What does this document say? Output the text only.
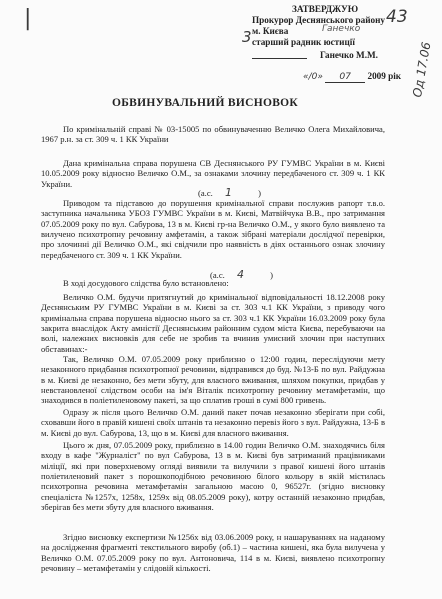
|	43
3
Од 17.06
ЗАТВЕРДЖУЮ
Прокурор Деснянського району
м. Києва
старший радник юстиції
Ганечко
Ганечко М.М.
«/0» 07 2009 рік
ОБВИНУВАЛЬНИЙ ВИСНОВОК
По кримінальній справі № 03-15005 по обвинуваченню Величко Олега Михайловича, 1967 р.н. за ст. 309 ч. 1 КК України
Дана кримінальна справа порушена СВ Деснянського РУ ГУМВС України в м. Києві 10.05.2009 року відносно Величко О.М., за ознаками злочину передбаченого ст. 309 ч. 1 КК України.
(а.с. 1	)
Приводом та підставою до порушення кримінальної справи послужив рапорт т.в.о. заступника начальника УБОЗ ГУМВС України в м. Києві, Матвійчука В.В., про затримання 07.05.2009 року по вул. Сабурова, 13 в м. Києві гр-на Величко О.М., у якого було виявлено та вилучено психотропну речовину амфетамін, а також зібрані матеріали дослідчої перевірки, про злочинні дії Величко О.М., які свідчили про наявність в діях останнього ознак злочину передбаченого ст. 309 ч. 1 КК України.
(а.с. 4	)
В ході досудового слідства було встановлено:
Величко О.М. будучи притягнутий до кримінальної відповідальності 18.12.2008 року Деснянським РУ ГУМВС України в м. Києві за ст. 303 ч.1 КК України, з приводу чого кримінальна справа порушена відносно нього за ст. 303 ч.1 КК України 16.03.2009 року була закрита внаслідок Акту амністії Деснянським районним судом міста Києва, перебуваючи на волі, належних висновків для себе не зробив та вчинив умисний злочин при наступних обставинах:-
Так, Величко О.М. 07.05.2009 року приблизно о 12:00 годин, переслідуючи мету незаконного придбання психотропної речовини, відправився до буд. №13-Б по вул. Райдужна в м. Києві де незаконно, без мети збуту, для власного вживання, шляхом покупки, придбав у невстановленої слідством особи на ім'я Віталік психотропну речовину метамфетамін, що знаходився в поліетиленовому пакеті, за що сплатив гроші в сумі 800 гривень.
Одразу ж після цього Величко О.М. даний пакет почав незаконно зберігати при собі, сховавши його в правій кишені своїх штанів та незаконно перевіз його з вул. Райдужна, 13-Б в м. Києві до вул. Сабурова, 13, що в м. Києві для власного вживання.
Цього ж дня, 07.05.2009 року, приблизно в 14.00 годин Величко О.М. знаходячись біля входу в кафе "Журналіст" по вул Сабурова, 13 в м. Києві був затриманий працівниками міліції, які при поверхневому огляді виявили та вилучили з правої кишені його штанів поліетиленовий пакет з порошкоподібною речовиною білого кольору в якій містилась психотропна речовина метамфетамін загальною масою 0, 96527г. (згідно висновку спеціаліста №1257х, 1258х, 1259х від 08.05.2009 року), котру останній незаконно придбав, зберігав без мети збуту для власного вживання.
Згідно висновку експертизи №1256х від 03.06.2009 року, н нашаруваннях на наданому на дослідження фрагменті текстильного виробу (об.1) – частина кишені, яка була вилучена у Величко О.М. 07.05.2009 року по вул. Антоновича, 114 в м. Києві, виявлено психотропну речовину – метамфетамін у слідовій кількості.
